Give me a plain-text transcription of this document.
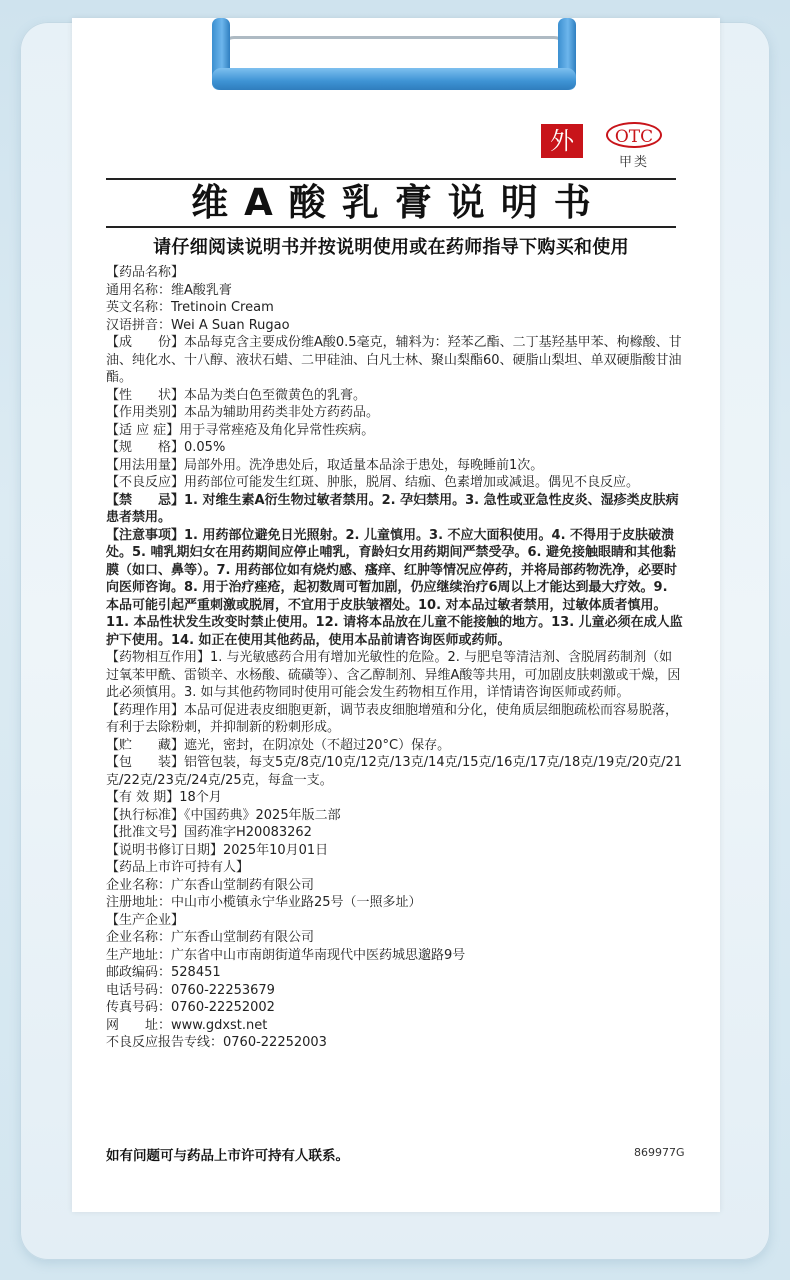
外	OTC
甲类
维A酸乳膏说明书
请仔细阅读说明书并按说明使用或在药师指导下购买和使用

【药品名称】

通用名称：维A酸乳膏

英文名称：Tretinoin Cream

汉语拼音：Wei A Suan Rugao

【成　　份】本品每克含主要成份维A酸0.5毫克，辅料为：羟苯乙酯、二丁基羟基甲苯、枸橼酸、甘油、纯化水、十八醇、液状石蜡、二甲硅油、白凡士林、聚山梨酯60、硬脂山梨坦、单双硬脂酸甘油酯。

【性　　状】本品为类白色至微黄色的乳膏。

【作用类别】本品为辅助用药类非处方药药品。

【适 应 症】用于寻常痤疮及角化异常性疾病。

【规　　格】0.05%

【用法用量】局部外用。洗净患处后，取适量本品涂于患处，每晚睡前1次。

【不良反应】用药部位可能发生红斑、肿胀，脱屑、结痂、色素增加或减退。偶见不良反应。

【禁　　忌】1. 对维生素A衍生物过敏者禁用。2. 孕妇禁用。3. 急性或亚急性皮炎、湿疹类皮肤病患者禁用。

【注意事项】1. 用药部位避免日光照射。2. 儿童慎用。3. 不应大面积使用。4. 不得用于皮肤破溃处。5. 哺乳期妇女在用药期间应停止哺乳，育龄妇女用药期间严禁受孕。6. 避免接触眼睛和其他黏膜（如口、鼻等）。7. 用药部位如有烧灼感、瘙痒、红肿等情况应停药，并将局部药物洗净，必要时向医师咨询。8. 用于治疗痤疮，起初数周可暂加剧，仍应继续治疗6周以上才能达到最大疗效。9. 本品可能引起严重刺激或脱屑，不宜用于皮肤皱褶处。10. 对本品过敏者禁用，过敏体质者慎用。11. 本品性状发生改变时禁止使用。12. 请将本品放在儿童不能接触的地方。13. 儿童必须在成人监护下使用。14. 如正在使用其他药品，使用本品前请咨询医师或药师。

【药物相互作用】1. 与光敏感药合用有增加光敏性的危险。2. 与肥皂等清洁剂、含脱屑药制剂（如过氧苯甲酰、雷锁辛、水杨酸、硫磺等）、含乙醇制剂、异维A酸等共用，可加剧皮肤刺激或干燥，因此必须慎用。3. 如与其他药物同时使用可能会发生药物相互作用，详情请咨询医师或药师。

【药理作用】本品可促进表皮细胞更新，调节表皮细胞增殖和分化，使角质层细胞疏松而容易脱落，有利于去除粉刺，并抑制新的粉刺形成。

【贮　　藏】遮光，密封，在阴凉处（不超过20°C）保存。

【包　　装】铝管包装，每支5克/8克/10克/12克/13克/14克/15克/16克/17克/18克/19克/20克/21克/22克/23克/24克/25克，每盒一支。

【有 效 期】18个月

【执行标准】《中国药典》2025年版二部

【批准文号】国药准字H20083262

【说明书修订日期】2025年10月01日

【药品上市许可持有人】

企业名称：广东香山堂制药有限公司

注册地址：中山市小榄镇永宁华业路25号（一照多址）

【生产企业】

企业名称：广东香山堂制药有限公司

生产地址：广东省中山市南朗街道华南现代中医药城思邈路9号

邮政编码：528451

电话号码：0760-22253679

传真号码：0760-22252002

网　　址：www.gdxst.net

不良反应报告专线：0760-22252003

如有问题可与药品上市许可持有人联系。	869977G
